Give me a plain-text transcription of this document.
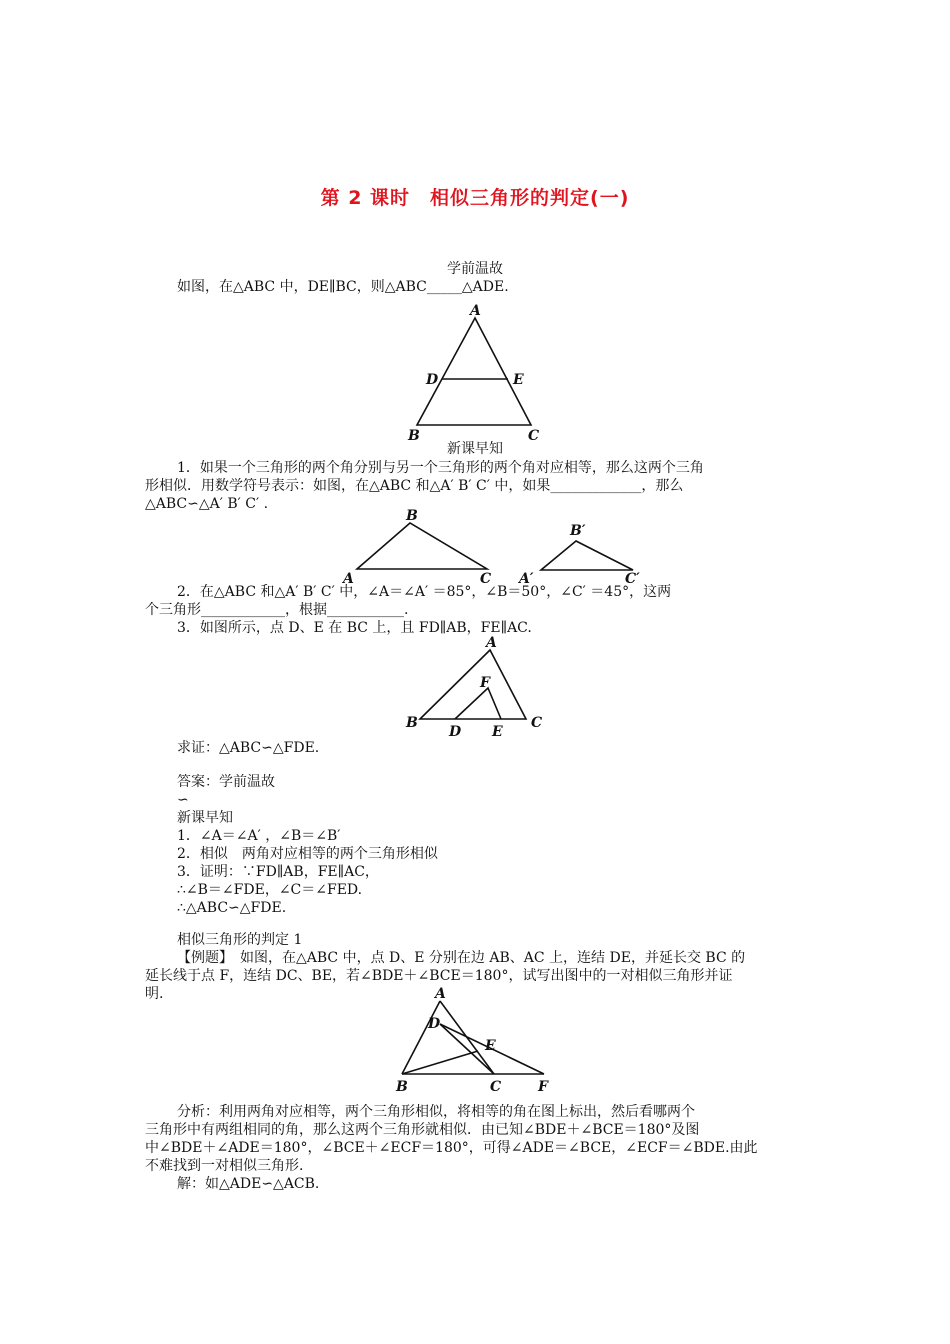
第 2 课时　相似三角形的判定(一)
学前温故
如图，在△ABC 中，DE∥BC，则△ABC_____△ADE.
A
D	E
B	C
新课早知
1．如果一个三角形的两个角分别与另一个三角形的两个角对应相等，那么这两个三角
形相似．用数学符号表示：如图，在△ABC 和△A′ B′ C′ 中，如果_____________，那么
△ABC∽△A′ B′ C′ .
B
A	C
B′
A′	C′
2．在△ABC 和△A′ B′ C′ 中，∠A＝∠A′ ＝85°，∠B＝50°，∠C′ ＝45°，这两
个三角形____________，根据___________.
3．如图所示，点 D、E 在 BC 上，且 FD∥AB，FE∥AC.
A
F
B	C
D E
求证：△ABC∽△FDE.
答案：学前温故
∽
新课早知
1．∠A＝∠A′ ，∠B＝∠B′
2．相似　两角对应相等的两个三角形相似
3．证明：∵FD∥AB，FE∥AC，
∴∠B＝∠FDE，∠C＝∠FED.
∴△ABC∽△FDE.
相似三角形的判定 1
【例题】　如图，在△ABC 中，点 D、E 分别在边 AB、AC 上，连结 DE，并延长交 BC 的
延长线于点 F，连结 DC、BE，若∠BDE＋∠BCE＝180°，试写出图中的一对相似三角形并证
明.	A
D
E
B	C	F
分析：利用两角对应相等，两个三角形相似，将相等的角在图上标出，然后看哪两个
三角形中有两组相同的角，那么这两个三角形就相似．由已知∠BDE＋∠BCE＝180°及图
中∠BDE＋∠ADE＝180°，∠BCE＋∠ECF＝180°，可得∠ADE＝∠BCE，∠ECF＝∠BDE.由此
不难找到一对相似三角形.
解：如△ADE∽△ACB.
